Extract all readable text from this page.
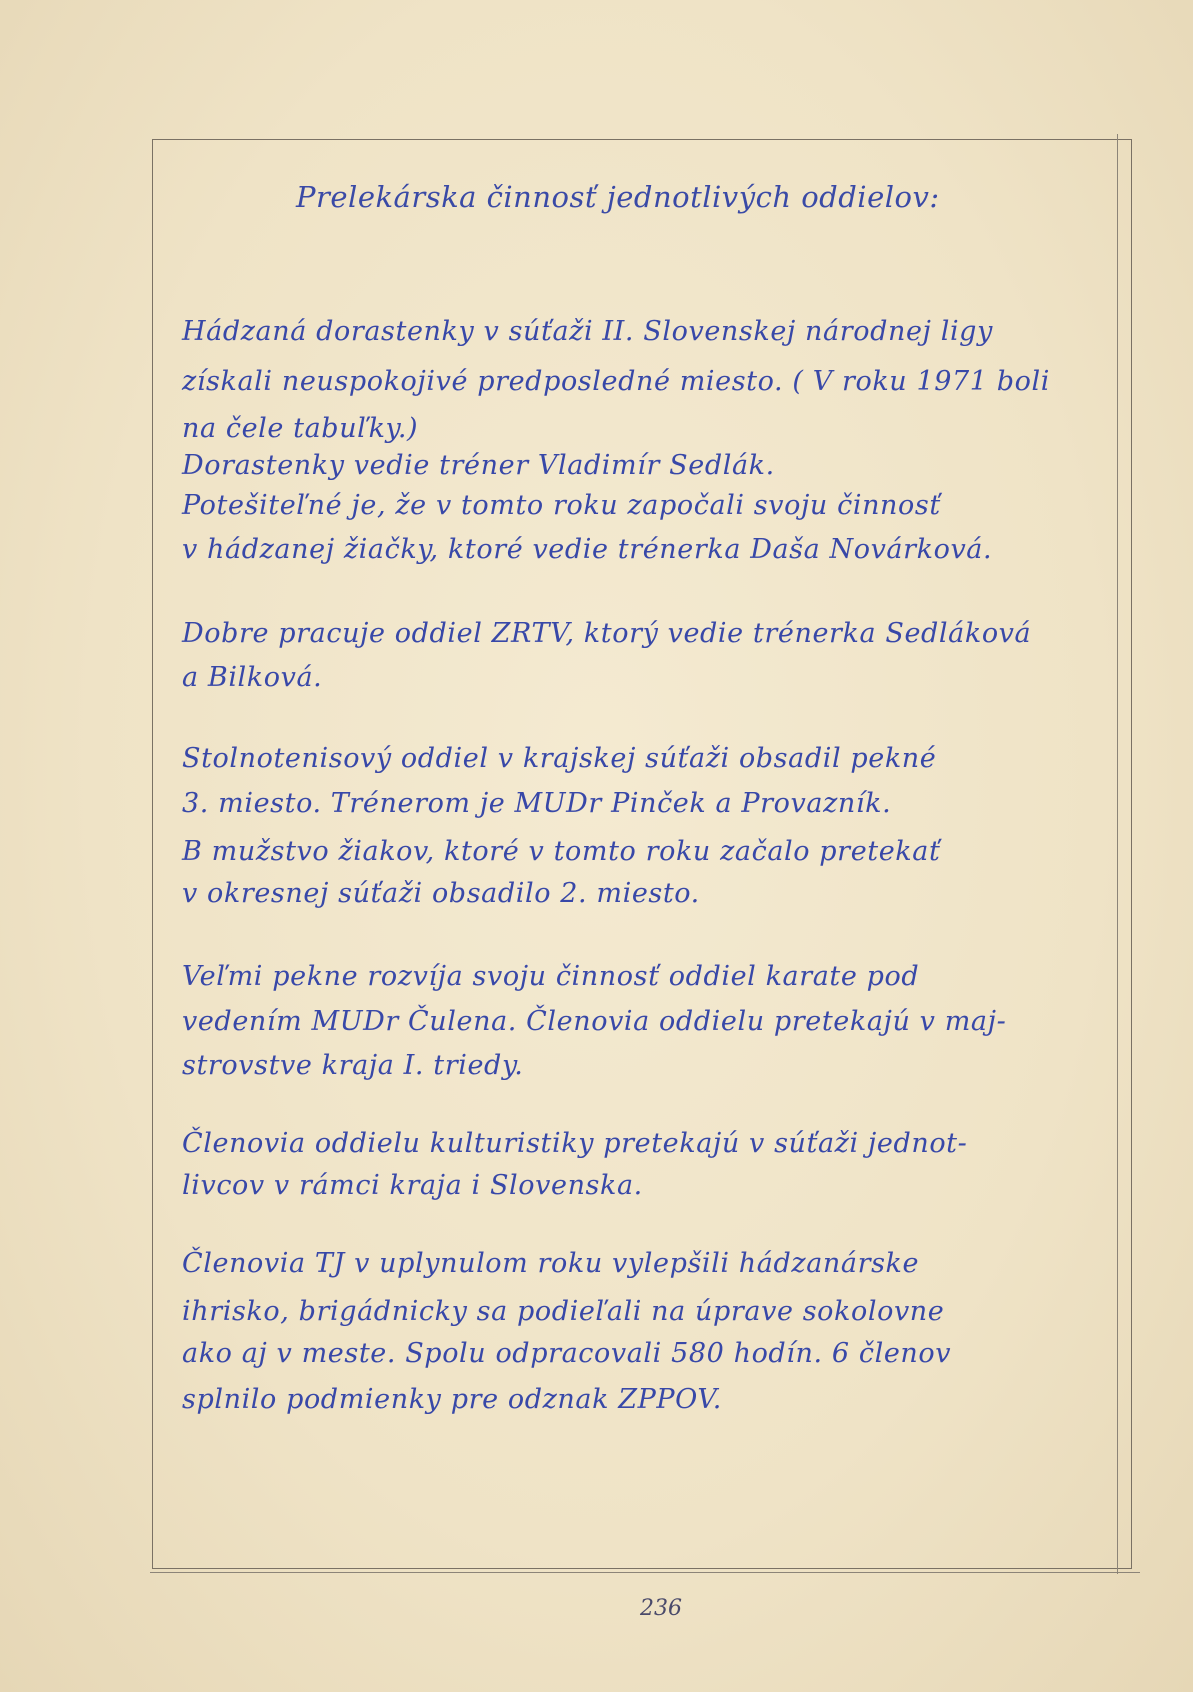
Prelekárska činnosť jednotlivých oddielov:
Hádzaná dorastenky v súťaži II. Slovenskej národnej ligy
získali neuspokojivé predposledné miesto. ( V roku 1971 boli
na čele tabuľky.)
Dorastenky vedie tréner Vladimír Sedlák.
Potešiteľné je, že v tomto roku započali svoju činnosť
v hádzanej žiačky, ktoré vedie trénerka Daša Novárková.
Dobre pracuje oddiel ZRTV, ktorý vedie trénerka Sedláková
a Bilková.
Stolnotenisový oddiel v krajskej súťaži obsadil pekné
3. miesto. Trénerom je MUDr Pinček a Provazník.
B mužstvo žiakov, ktoré v tomto roku začalo pretekať
v okresnej súťaži obsadilo 2. miesto.
Veľmi pekne rozvíja svoju činnosť oddiel karate pod
vedením MUDr Čulena. Členovia oddielu pretekajú v maj-
strovstve kraja I. triedy.
Členovia oddielu kulturistiky pretekajú v súťaži jednot-
livcov v rámci kraja i Slovenska.
Členovia TJ v uplynulom roku vylepšili hádzanárske
ihrisko, brigádnicky sa podieľali na úprave sokolovne
ako aj v meste. Spolu odpracovali 580 hodín. 6 členov
splnilo podmienky pre odznak ZPPOV.
236
